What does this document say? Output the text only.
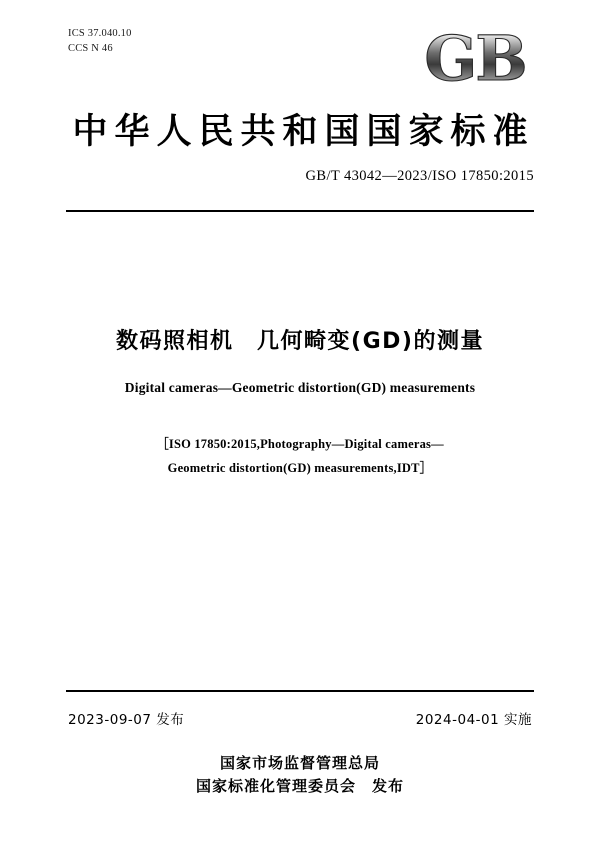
ICS 37.040.10
CCS N 46	GB
中华人民共和国国家标准
GB/T 43042—2023/ISO 17850:2015
数码照相机　几何畸变(GD)的测量
Digital cameras—Geometric distortion(GD) measurements
［ISO 17850:2015,Photography—Digital cameras—
Geometric distortion(GD) measurements,IDT］
2023-09-07 发布	2024-04-01 实施
国家市场监督管理总局
国家标准化管理委员会 发布
